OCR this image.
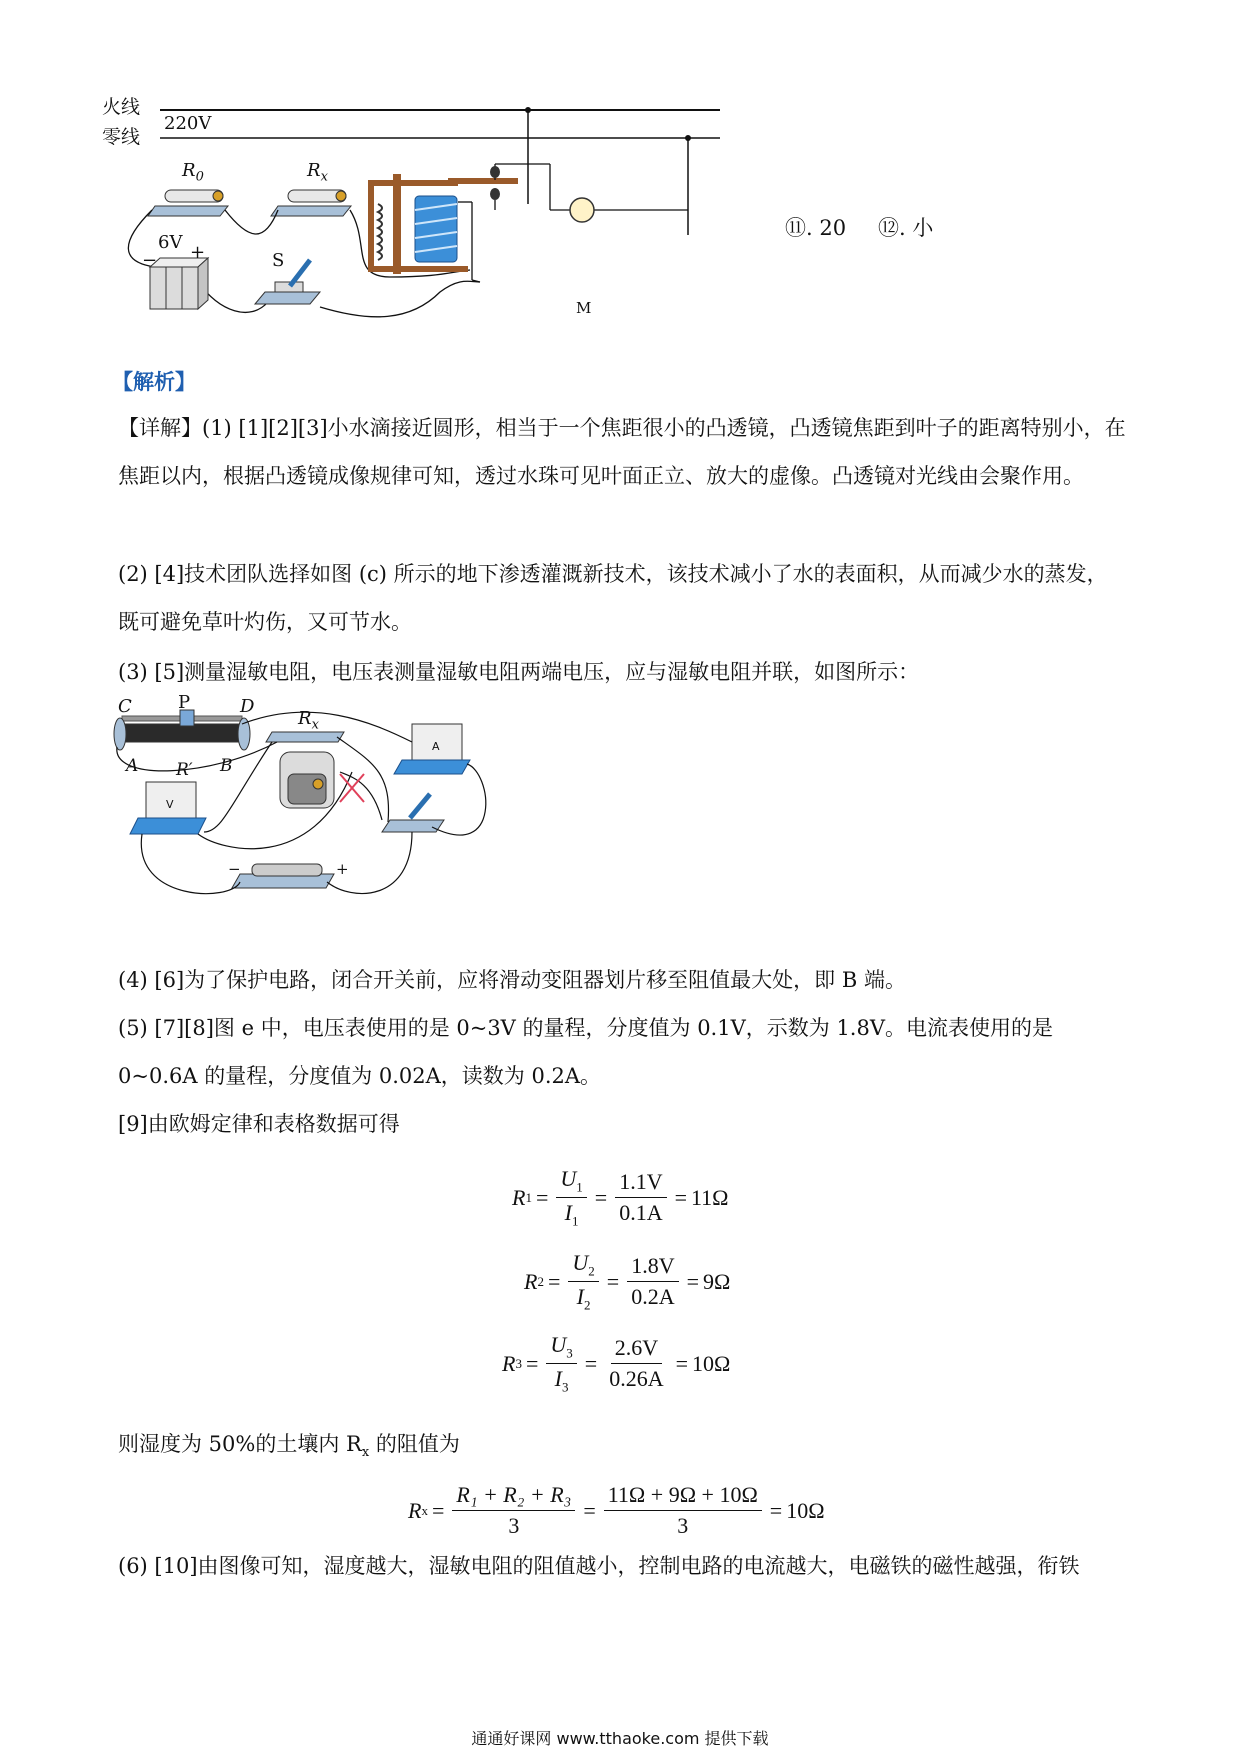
火线
零线
220V
$R_0$	$R_x$
6V
− +	S
M
⑪. 20 ⑫. 小
【解析】
【详解】(1) [1][2][3]小水滴接近圆形，相当于一个焦距很小的凸透镜，凸透镜焦距到叶子的距离特别小，在焦距以内，根据凸透镜成像规律可知，透过水珠可见叶面正立、放大的虚像。凸透镜对光线由会聚作用。
(2) [4]技术团队选择如图 (c) 所示的地下渗透灌溉新技术，该技术减小了水的表面积，从而减少水的蒸发，既可避免草叶灼伤，又可节水。
(3) [5]测量湿敏电阻，电压表测量湿敏电阻两端电压，应与湿敏电阻并联，如图所示：
C	P	D
A R′ B
$R_x$
A
V
−	+
(4) [6]为了保护电路，闭合开关前，应将滑动变阻器划片移至阻值最大处，即 B 端。
(5) [7][8]图 e 中，电压表使用的是 0~3V 的量程，分度值为 0.1V，示数为 1.8V。电流表使用的是 0~0.6A 的量程，分度值为 0.02A，读数为 0.2A。
[9]由欧姆定律和表格数据可得
R $1 = \frac{U_1}{I_1} = \frac{1.1V}{0.1A} = 11\Omega$
R $2 = \frac{U_2}{I_2} = \frac{1.8V}{0.2A} = 9\Omega$
R $3 = \frac{U_3}{I_3} = \frac{2.6V}{0.26A} = 10\Omega$
则湿度为 50%的土壤内 $R_x$ 的阻值为
R $x = \frac{\text{R₁ + R₂ + R₃}}{3} = \frac{11\Omega + 9\Omega + 10\Omega}{3} = 10\Omega$
(6) [10]由图像可知，湿度越大，湿敏电阻的阻值越小，控制电路的电流越大，电磁铁的磁性越强，衔铁
通通好课网 www.tthaoke.com 提供下载
